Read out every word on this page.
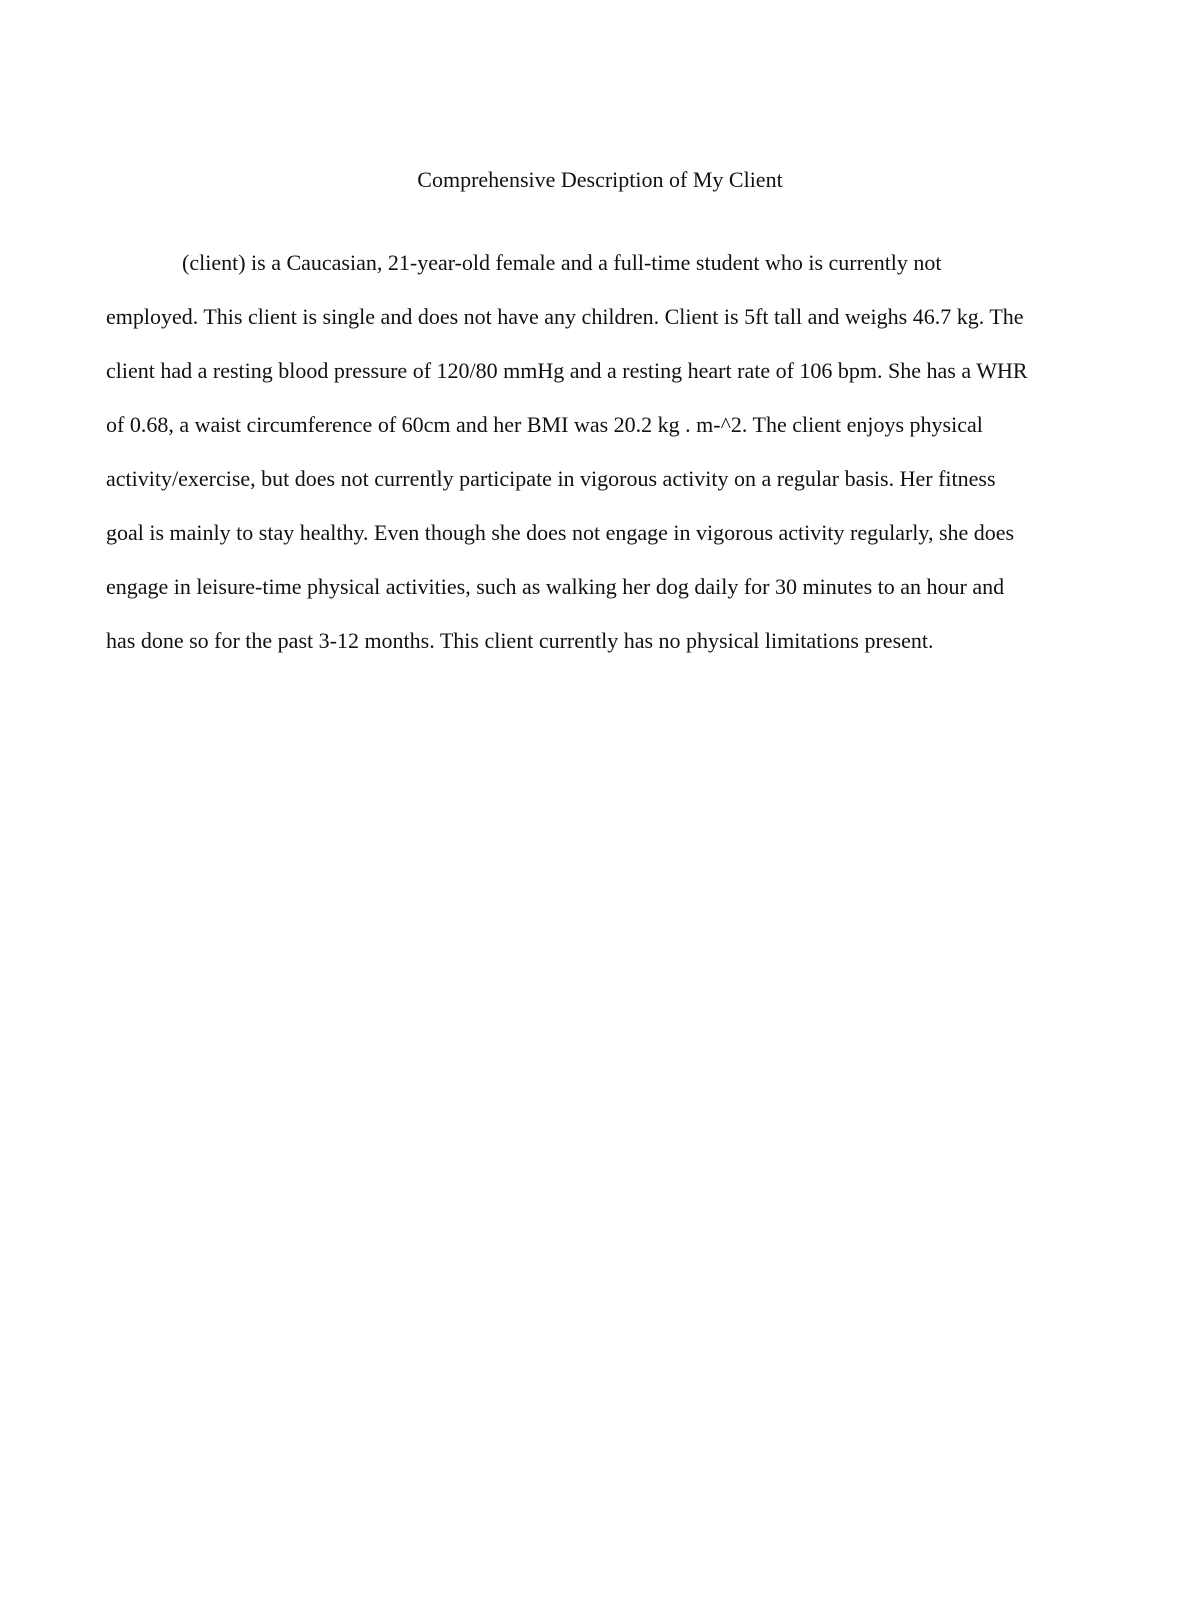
Comprehensive Description of My Client
(client) is a Caucasian, 21-year-old female and a full-time student who is currently not
employed. This client is single and does not have any children. Client is 5ft tall and weighs 46.7 kg. The
client had a resting blood pressure of 120/80 mmHg and a resting heart rate of 106 bpm. She has a WHR
of 0.68, a waist circumference of 60cm and her BMI was 20.2 kg . m-^2. The client enjoys physical
activity/exercise, but does not currently participate in vigorous activity on a regular basis. Her fitness
goal is mainly to stay healthy. Even though she does not engage in vigorous activity regularly, she does
engage in leisure-time physical activities, such as walking her dog daily for 30 minutes to an hour and
has done so for the past 3-12 months. This client currently has no physical limitations present.
